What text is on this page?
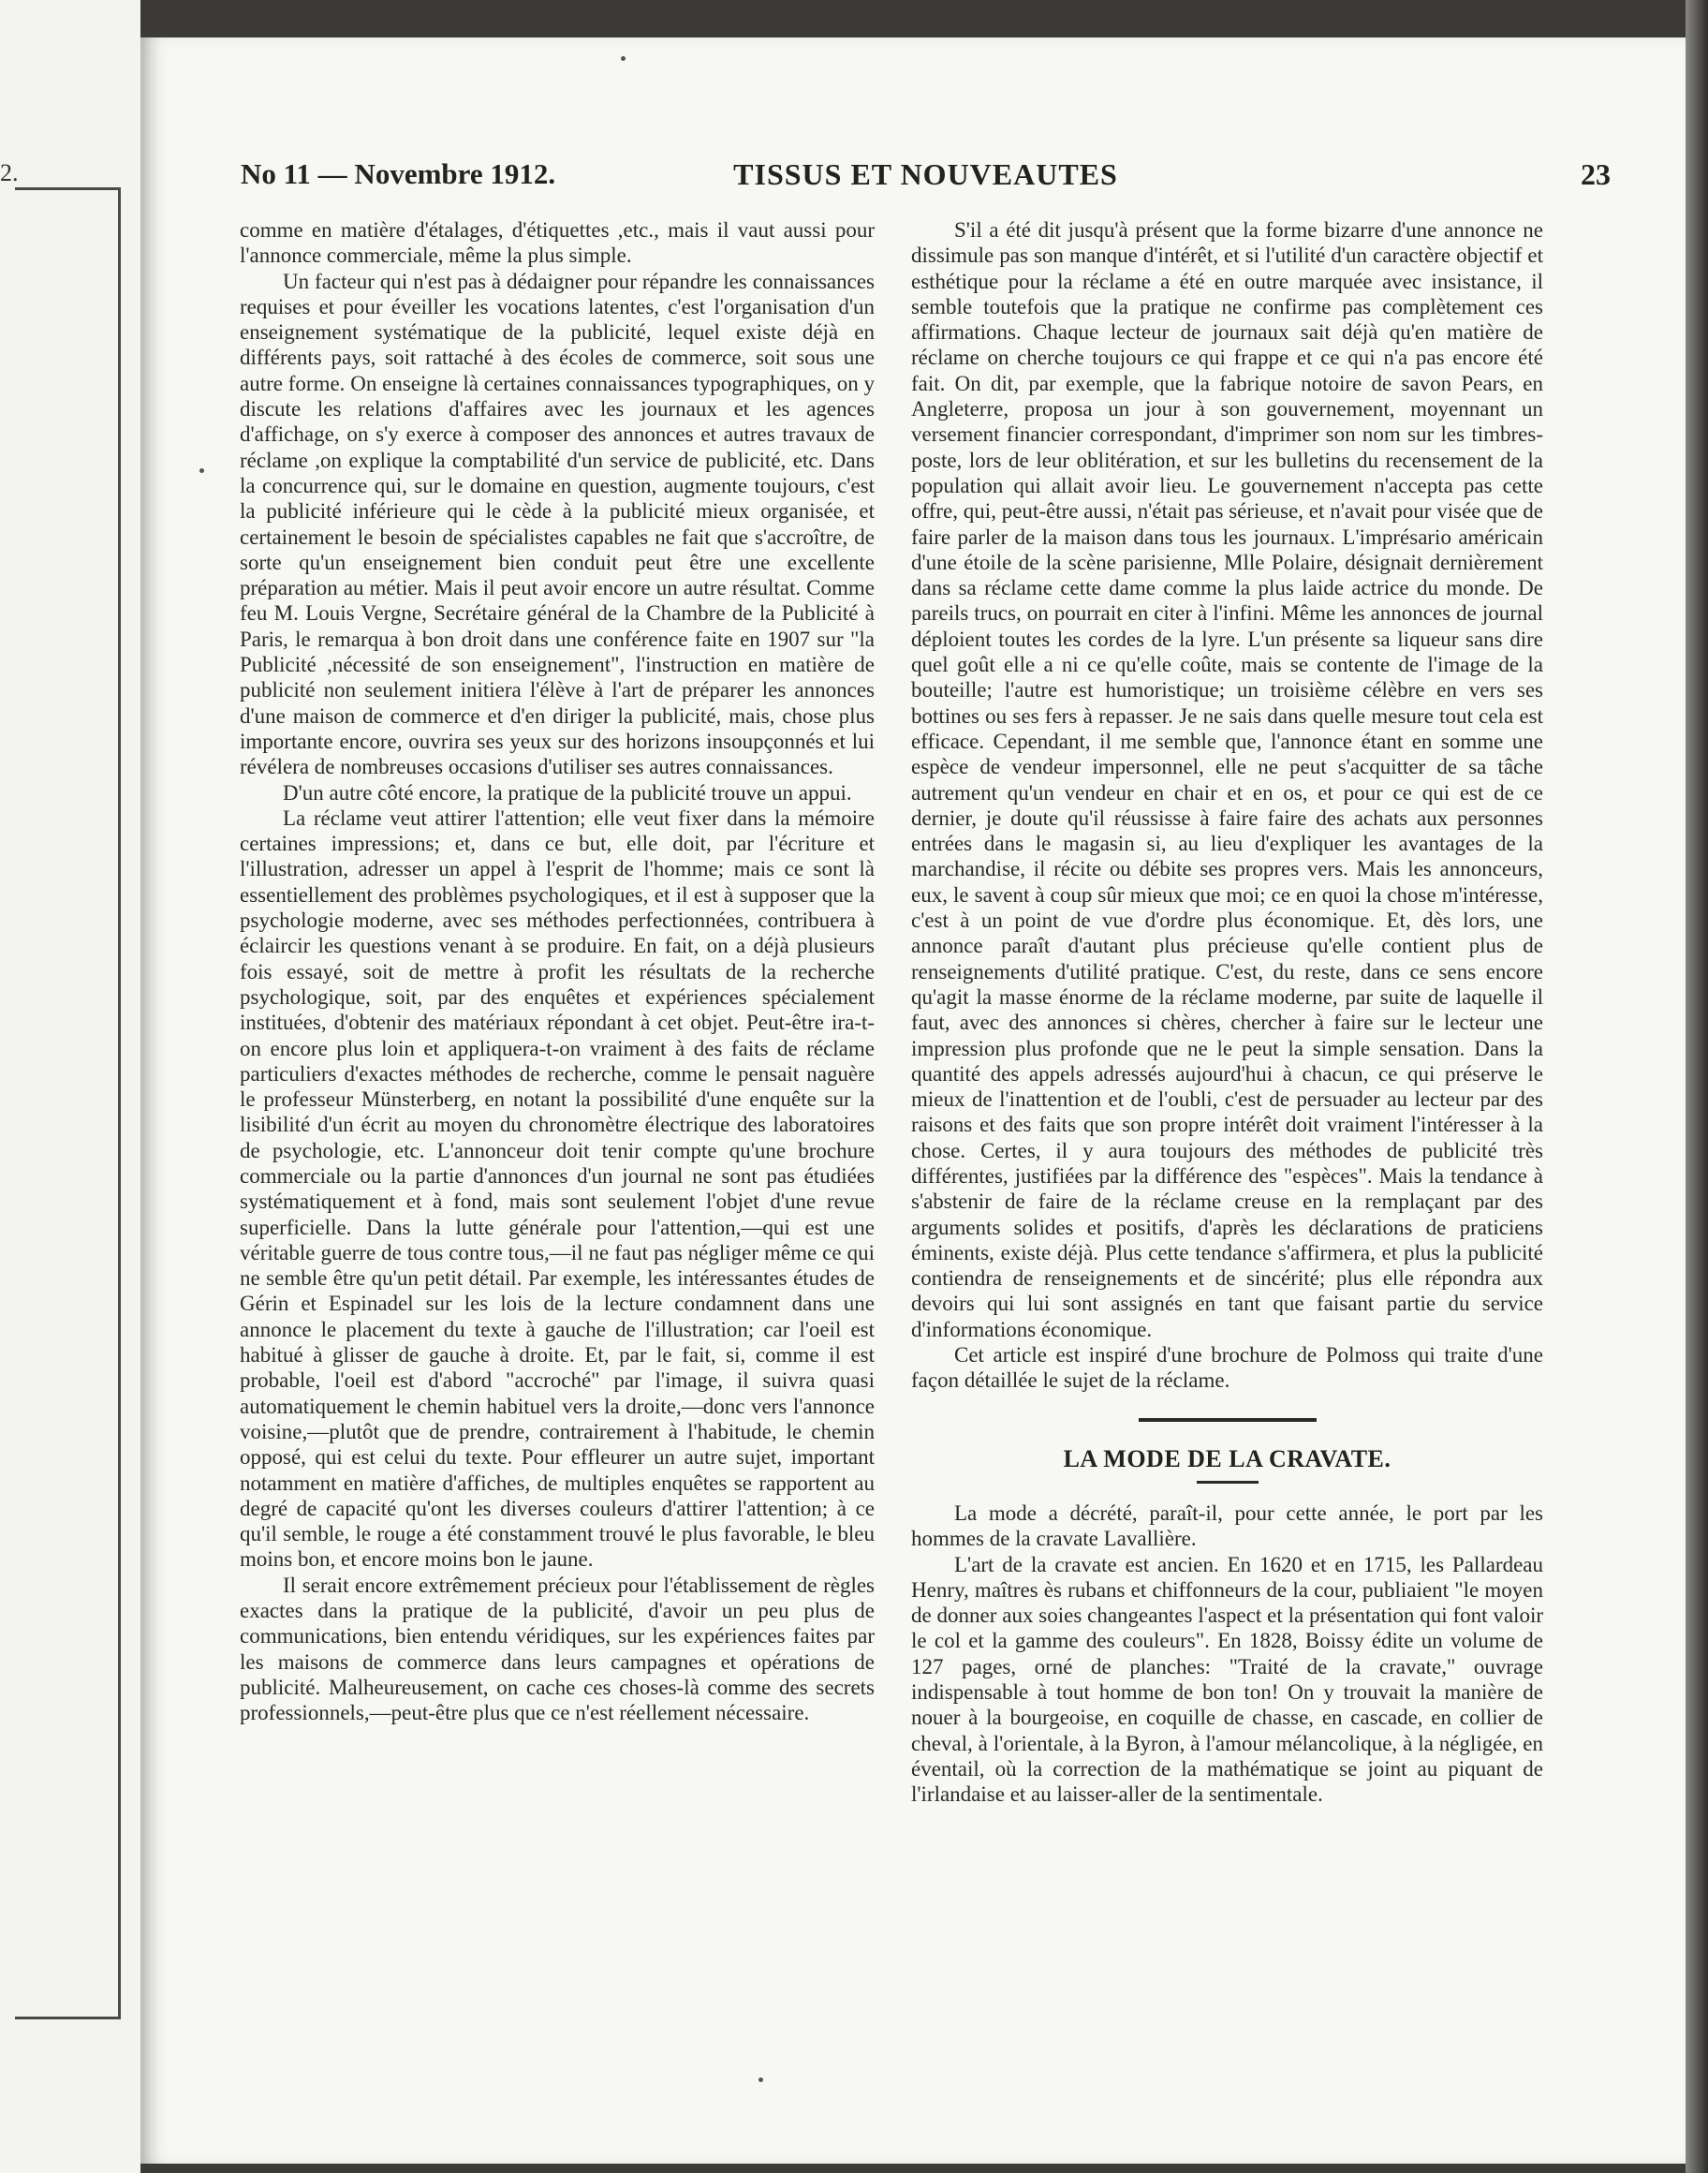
2.	No 11 — Novembre 1912.	TISSUS ET NOUVEAUTES	23

comme en matière d'étalages, d'étiquettes ,etc., mais il vaut aussi pour l'annonce commerciale, même la plus simple.

Un facteur qui n'est pas à dédaigner pour répandre les connaissances requises et pour éveiller les vocations latentes, c'est l'organisation d'un enseignement systématique de la publicité, lequel existe déjà en différents pays, soit rattaché à des écoles de commerce, soit sous une autre forme. On enseigne là certaines connaissances typographiques, on y discute les relations d'affaires avec les journaux et les agences d'affichage, on s'y exerce à composer des annonces et autres travaux de réclame ,on explique la comptabilité d'un service de publicité, etc. Dans la concurrence qui, sur le domaine en question, augmente toujours, c'est la publicité inférieure qui le cède à la publicité mieux organisée, et certainement le besoin de spécialistes capables ne fait que s'accroître, de sorte qu'un enseignement bien conduit peut être une excellente préparation au métier. Mais il peut avoir encore un autre résultat. Comme feu M. Louis Vergne, Secrétaire général de la Chambre de la Publicité à Paris, le remarqua à bon droit dans une conférence faite en 1907 sur "la Publicité ,nécessité de son enseignement", l'instruction en matière de publicité non seulement initiera l'élève à l'art de préparer les annonces d'une maison de commerce et d'en diriger la publicité, mais, chose plus importante encore, ouvrira ses yeux sur des horizons insoupçonnés et lui révélera de nombreuses occasions d'utiliser ses autres connaissances.

D'un autre côté encore, la pratique de la publicité trouve un appui.

La réclame veut attirer l'attention; elle veut fixer dans la mémoire certaines impressions; et, dans ce but, elle doit, par l'écriture et l'illustration, adresser un appel à l'esprit de l'homme; mais ce sont là essentiellement des problèmes psychologiques, et il est à supposer que la psychologie moderne, avec ses méthodes perfectionnées, contribuera à éclaircir les questions venant à se produire. En fait, on a déjà plusieurs fois essayé, soit de mettre à profit les résultats de la recherche psychologique, soit, par des enquêtes et expériences spécialement instituées, d'obtenir des matériaux répondant à cet objet. Peut-être ira-t-on encore plus loin et appliquera-t-on vraiment à des faits de réclame particuliers d'exactes méthodes de recherche, comme le pensait naguère le professeur Münsterberg, en notant la possibilité d'une enquête sur la lisibilité d'un écrit au moyen du chronomètre électrique des laboratoires de psychologie, etc. L'annonceur doit tenir compte qu'une brochure commerciale ou la partie d'annonces d'un journal ne sont pas étudiées systématiquement et à fond, mais sont seulement l'objet d'une revue superficielle. Dans la lutte générale pour l'attention,—qui est une véritable guerre de tous contre tous,—il ne faut pas négliger même ce qui ne semble être qu'un petit détail. Par exemple, les intéressantes études de Gérin et Espinadel sur les lois de la lecture condamnent dans une annonce le placement du texte à gauche de l'illustration; car l'oeil est habitué à glisser de gauche à droite. Et, par le fait, si, comme il est probable, l'oeil est d'abord "accroché" par l'image, il suivra quasi automatiquement le chemin habituel vers la droite,—donc vers l'annonce voisine,—plutôt que de prendre, contrairement à l'habitude, le chemin opposé, qui est celui du texte. Pour effleurer un autre sujet, important notamment en matière d'affiches, de multiples enquêtes se rapportent au degré de capacité qu'ont les diverses couleurs d'attirer l'attention; à ce qu'il semble, le rouge a été constamment trouvé le plus favorable, le bleu moins bon, et encore moins bon le jaune.

Il serait encore extrêmement précieux pour l'établissement de règles exactes dans la pratique de la publicité, d'avoir un peu plus de communications, bien entendu véridiques, sur les expériences faites par les maisons de commerce dans leurs campagnes et opérations de publicité. Malheureusement, on cache ces choses-là comme des secrets professionnels,—peut-être plus que ce n'est réellement nécessaire.

S'il a été dit jusqu'à présent que la forme bizarre d'une annonce ne dissimule pas son manque d'intérêt, et si l'utilité d'un caractère objectif et esthétique pour la réclame a été en outre marquée avec insistance, il semble toutefois que la pratique ne confirme pas complètement ces affirmations. Chaque lecteur de journaux sait déjà qu'en matière de réclame on cherche toujours ce qui frappe et ce qui n'a pas encore été fait. On dit, par exemple, que la fabrique notoire de savon Pears, en Angleterre, proposa un jour à son gouvernement, moyennant un versement financier correspondant, d'imprimer son nom sur les timbres-poste, lors de leur oblitération, et sur les bulletins du recensement de la population qui allait avoir lieu. Le gouvernement n'accepta pas cette offre, qui, peut-être aussi, n'était pas sérieuse, et n'avait pour visée que de faire parler de la maison dans tous les journaux. L'imprésario américain d'une étoile de la scène parisienne, Mlle Polaire, désignait dernièrement dans sa réclame cette dame comme la plus laide actrice du monde. De pareils trucs, on pourrait en citer à l'infini. Même les annonces de journal déploient toutes les cordes de la lyre. L'un présente sa liqueur sans dire quel goût elle a ni ce qu'elle coûte, mais se contente de l'image de la bouteille; l'autre est humoristique; un troisième célèbre en vers ses bottines ou ses fers à repasser. Je ne sais dans quelle mesure tout cela est efficace. Cependant, il me semble que, l'annonce étant en somme une espèce de vendeur impersonnel, elle ne peut s'acquitter de sa tâche autrement qu'un vendeur en chair et en os, et pour ce qui est de ce dernier, je doute qu'il réussisse à faire faire des achats aux personnes entrées dans le magasin si, au lieu d'expliquer les avantages de la marchandise, il récite ou débite ses propres vers. Mais les annonceurs, eux, le savent à coup sûr mieux que moi; ce en quoi la chose m'intéresse, c'est à un point de vue d'ordre plus économique. Et, dès lors, une annonce paraît d'autant plus précieuse qu'elle contient plus de renseignements d'utilité pratique. C'est, du reste, dans ce sens encore qu'agit la masse énorme de la réclame moderne, par suite de laquelle il faut, avec des annonces si chères, chercher à faire sur le lecteur une impression plus profonde que ne le peut la simple sensation. Dans la quantité des appels adressés aujourd'hui à chacun, ce qui préserve le mieux de l'inattention et de l'oubli, c'est de persuader au lecteur par des raisons et des faits que son propre intérêt doit vraiment l'intéresser à la chose. Certes, il y aura toujours des méthodes de publicité très différentes, justifiées par la différence des "espèces". Mais la tendance à s'abstenir de faire de la réclame creuse en la remplaçant par des arguments solides et positifs, d'après les déclarations de praticiens éminents, existe déjà. Plus cette tendance s'affirmera, et plus la publicité contiendra de renseignements et de sincérité; plus elle répondra aux devoirs qui lui sont assignés en tant que faisant partie du service d'informations économique.

Cet article est inspiré d'une brochure de Polmoss qui traite d'une façon détaillée le sujet de la réclame.

LA MODE DE LA CRAVATE.

La mode a décrété, paraît-il, pour cette année, le port par les hommes de la cravate Lavallière.

L'art de la cravate est ancien. En 1620 et en 1715, les Pallardeau Henry, maîtres ès rubans et chiffonneurs de la cour, publiaient "le moyen de donner aux soies changeantes l'aspect et la présentation qui font valoir le col et la gamme des couleurs". En 1828, Boissy édite un volume de 127 pages, orné de planches: "Traité de la cravate," ouvrage indispensable à tout homme de bon ton! On y trouvait la manière de nouer à la bourgeoise, en coquille de chasse, en cascade, en collier de cheval, à l'orientale, à la Byron, à l'amour mélancolique, à la négligée, en éventail, où la correction de la mathématique se joint au piquant de l'irlandaise et au laisser-aller de la sentimentale.
